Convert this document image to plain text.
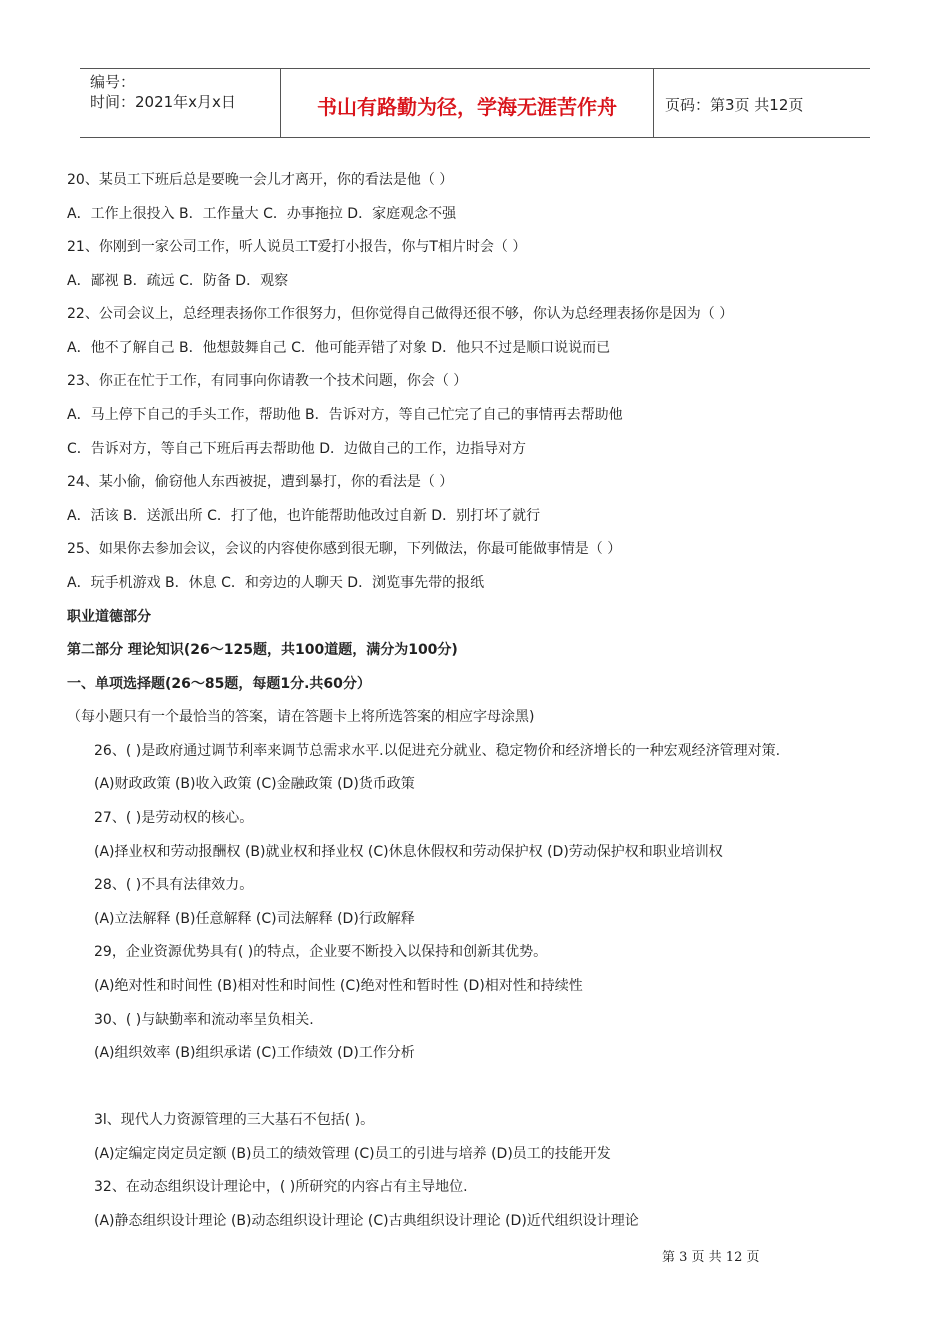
编号：
时间：2021年x月x日	书山有路勤为径，学海无涯苦作舟	页码：第3页 共12页
20、某员工下班后总是要晚一会儿才离开，你的看法是他（ ）
A．工作上很投入 B．工作量大 C．办事拖拉 D．家庭观念不强
21、你刚到一家公司工作，听人说员工T爱打小报告，你与T相片时会（ ）
A．鄙视 B．疏远 C．防备 D．观察
22、公司会议上，总经理表扬你工作很努力，但你觉得自己做得还很不够，你认为总经理表扬你是因为（ ）
A．他不了解自己 B．他想鼓舞自己 C．他可能弄错了对象 D．他只不过是顺口说说而已
23、你正在忙于工作，有同事向你请教一个技术问题，你会（ ）
A．马上停下自己的手头工作，帮助他 B．告诉对方，等自己忙完了自己的事情再去帮助他
C．告诉对方，等自己下班后再去帮助他 D．边做自己的工作，边指导对方
24、某小偷，偷窃他人东西被捉，遭到暴打，你的看法是（ ）
A．活该 B．送派出所 C．打了他，也许能帮助他改过自新 D．别打坏了就行
25、如果你去参加会议，会议的内容使你感到很无聊，下列做法，你最可能做事情是（ ）
A．玩手机游戏 B．休息 C．和旁边的人聊天 D．浏览事先带的报纸
职业道德部分
第二部分 理论知识(26～125题，共100道题，满分为100分)
一、单项选择题(26～85题，每题1分.共60分）
（每小题只有一个最恰当的答案，请在答题卡上将所选答案的相应字母涂黑)
26、( )是政府通过调节利率来调节总需求水平.以促进充分就业、稳定物价和经济增长的一种宏观经济管理对策.
(A)财政政策 (B)收入政策 (C)金融政策 (D)货币政策
27、( )是劳动权的核心。
(A)择业权和劳动报酬权 (B)就业权和择业权 (C)休息休假权和劳动保护权 (D)劳动保护权和职业培训权
28、( )不具有法律效力。
(A)立法解释 (B)任意解释 (C)司法解释 (D)行政解释
29，企业资源优势具有( )的特点，企业要不断投入以保持和创新其优势。
(A)绝对性和时间性 (B)相对性和时间性 (C)绝对性和暂时性 (D)相对性和持续性
30、( )与缺勤率和流动率呈负相关.
(A)组织效率 (B)组织承诺 (C)工作绩效 (D)工作分析
3l、现代人力资源管理的三大基石不包括( )。
(A)定编定岗定员定额 (B)员工的绩效管理 (C)员工的引进与培养 (D)员工的技能开发
32、在动态组织设计理论中，( )所研究的内容占有主导地位.
(A)静态组织设计理论 (B)动态组织设计理论 (C)古典组织设计理论 (D)近代组织设计理论
第 3 页 共 12 页
